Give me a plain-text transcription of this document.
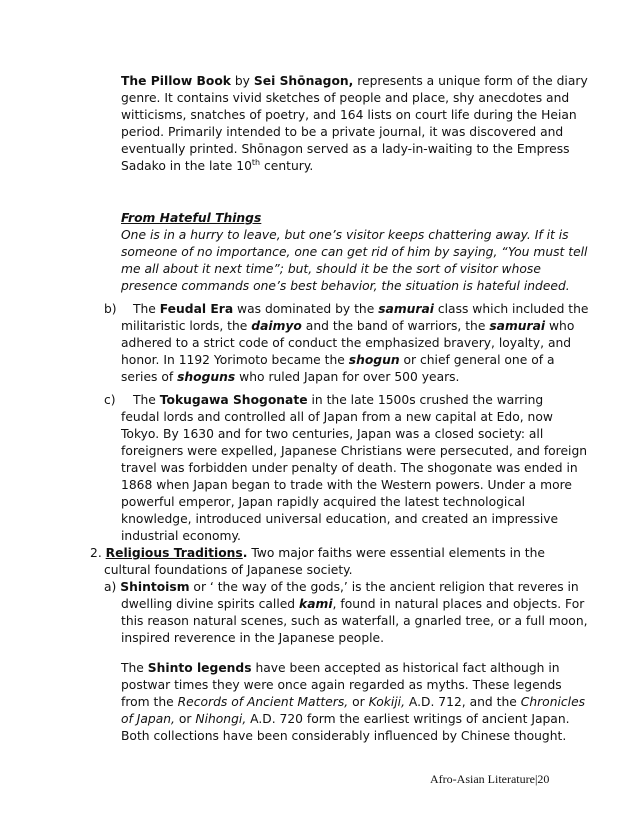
The Pillow Book by Sei Shōnagon, represents a unique form of the diary
genre. It contains vivid sketches of people and place, shy anecdotes and
witticisms, snatches of poetry, and 164 lists on court life during the Heian
period. Primarily intended to be a private journal, it was discovered and
eventually printed. Shōnagon served as a lady-in-waiting to the Empress
Sadako in the late 10th century.
From Hateful Things
One is in a hurry to leave, but one’s visitor keeps chattering away. If it is
someone of no importance, one can get rid of him by saying, “You must tell
me all about it next time”; but, should it be the sort of visitor whose
presence commands one’s best behavior, the situation is hateful indeed.
b) The Feudal Era was dominated by the samurai class which included the
militaristic lords, the daimyo and the band of warriors, the samurai who
adhered to a strict code of conduct the emphasized bravery, loyalty, and
honor. In 1192 Yorimoto became the shogun or chief general one of a
series of shoguns who ruled Japan for over 500 years.
c) The Tokugawa Shogonate in the late 1500s crushed the warring
feudal lords and controlled all of Japan from a new capital at Edo, now
Tokyo. By 1630 and for two centuries, Japan was a closed society: all
foreigners were expelled, Japanese Christians were persecuted, and foreign
travel was forbidden under penalty of death. The shogonate was ended in
1868 when Japan began to trade with the Western powers. Under a more
powerful emperor, Japan rapidly acquired the latest technological
knowledge, introduced universal education, and created an impressive
industrial economy.
2. Religious Traditions. Two major faiths were essential elements in the
cultural foundations of Japanese society.
a) Shintoism or ‘ the way of the gods,’ is the ancient religion that reveres in
dwelling divine spirits called kami, found in natural places and objects. For
this reason natural scenes, such as waterfall, a gnarled tree, or a full moon,
inspired reverence in the Japanese people.
The Shinto legends have been accepted as historical fact although in
postwar times they were once again regarded as myths. These legends
from the Records of Ancient Matters, or Kokiji, A.D. 712, and the Chronicles
of Japan, or Nihongi, A.D. 720 form the earliest writings of ancient Japan.
Both collections have been considerably influenced by Chinese thought.
Afro-Asian Literature|20
